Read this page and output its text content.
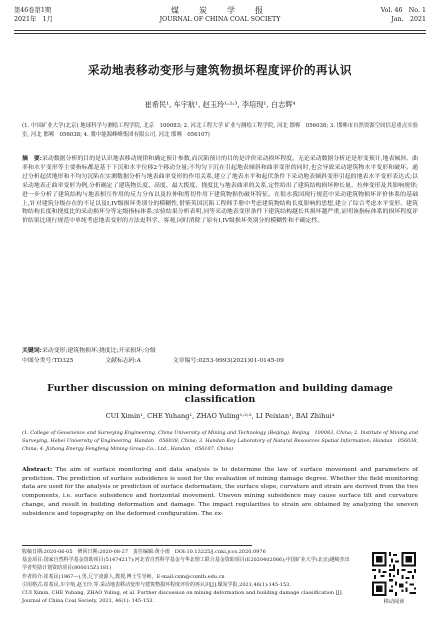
第46卷第1期
2021年　1月
煤　炭　学　报
JOURNAL OF CHINA COAL SOCIETY
Vol. 46　No. 1
Jan.　2021
采动地表移动变形与建筑物损坏程度评价的再认识
崔希民¹, 车宇航¹, 赵玉玲¹˒²˒³, 李培现¹, 白志辉⁴
(1. 中国矿业大学(北京) 地球科学与测绘工程学院, 北京　100083; 2. 河北工程大学 矿业与测绘工程学院, 河北 邯郸　056038; 3. 邯郸市自然资源空间信息重点实验室, 河北 邯郸　056038; 4. 冀中能源峰峰集团有限公司, 河北 邯郸　056107)
摘　要:采动数据分析的目的是认识地表移动规律和确定预计参数,而沉陷预计的目的是评价采动损坏程度。无论采动数据分析还是形变预计,地表倾斜、曲率和水平变形等主要指标都是基于下沉和水平位移2个移动分量;不均匀下沉在引起地表倾斜和曲率变形的同时,也会导致采动建筑物水平变形和破坏。通过分析起伏地形和不均匀沉陷在实测数据分析与地表曲率变形的作用关系,建立了地表水平和起伏条件下采动地表倾斜变形引起的地表水平变形表达式;以采动地表正曲率变形为例,分析确定了建筑物长度、高度、最大拨度、挠度比与地表曲率的关系,定性给出了建筑结构损坏伸长量、拉伸变形及其影响规律;进一步分析了建筑结构与地表相互作用的反力分布以及拉伸和剪切作用下建筑物损伤破坏特征。在很水我国现行规范中采动建筑物损坏评价体系的基础上,针对建筑分级存在的不足以及I,IV级损坏类别分的模糊性,借鉴英国沉陷工程师手册中考虑建筑物结构长度影响的思想,建立了综合考虑水平变形、建筑物结构长度和挠度比的采动损坏分等定级指标体系;实验结果分析表明,同等采动地表变形条件下建筑结构越长其损坏越严重,证明该指标体系的损坏程度评价结果比现行规范中单纯考虑地表变形的方法更科学、客观,同时消除了原有I,IV级损坏类别分的模糊性和不确定性。
关键词:采动变形;建筑物损坏;挠度比;开采损坏;分级
中图分类号:TD325	文献标志码:A	文章编号:0253-9993(2021)01-0145-09
Further discussion on mining deformation and building damage classification
CUI Ximin¹, CHE Yuhang¹, ZHAO Yuling¹˒²˒³, LI Peixian¹, BAI Zhihui⁴
(1. College of Geoscience and Surveying Engineering, China University of Mining and Technology (Beijing), Beijing　100083, China; 2. Institute of Mining and Surveying, Hebei University of Engineering, Handan　056038, China; 3. Handan Key Laboratory of Natural Resources Spatial Information, Handan　056038, China; 4. Jizhong Energy Fengfeng Mining Group Co., Ltd., Handan　056107, China)
Abstract: The aim of surface monitoring and data analysis is to determine the law of surface movement and parameters of prediction. The prediction of surface subsidence is used for the evaluation of mining damage degree. Whether the field monitoring data are used for the analysis or prediction of surface deformation, the surface slope, curvature and strain are derived from the two components, i.e. surface subsidence and horizontal movement. Uneven mining subsidence may cause surface tilt and curvature change, and result in building deformation and damage. The impact regularities to strain are obtained by analyzing the uneven subsidence and topography on the deformed configuration. The ex-
收稿日期:2020-06-05　修回日期:2020-08-27　责任编辑:黄小雨　DOI:10.13225/j.cnki.jccs.2020.0976
基金项目:国家自然科学基金资助项目(51474217);河北省自然科学基金与华北理工联合基金资助项目(E2020402086);中国矿业大学(北京)越崎杰出学者奖励计划资助项目(800015Z1181)
作者简介:崔希民(1967—),男,辽宁凌源人,教授,博士生导师。E-mail:cxm@cumtb.edu.cn
引用格式:崔希民,车宇航,赵玉玲,等.采动地表移动变形与建筑物损坏程度评价的再认识[J].煤炭学报,2021,46(1):145-153.
CUI Ximin, CHE Yuhang, ZHAO Yuling, et al. Further discussion on mining deformation and building damage classification [J]. Journal of China Coal Society, 2021, 46(1): 145-153.	移动阅读
